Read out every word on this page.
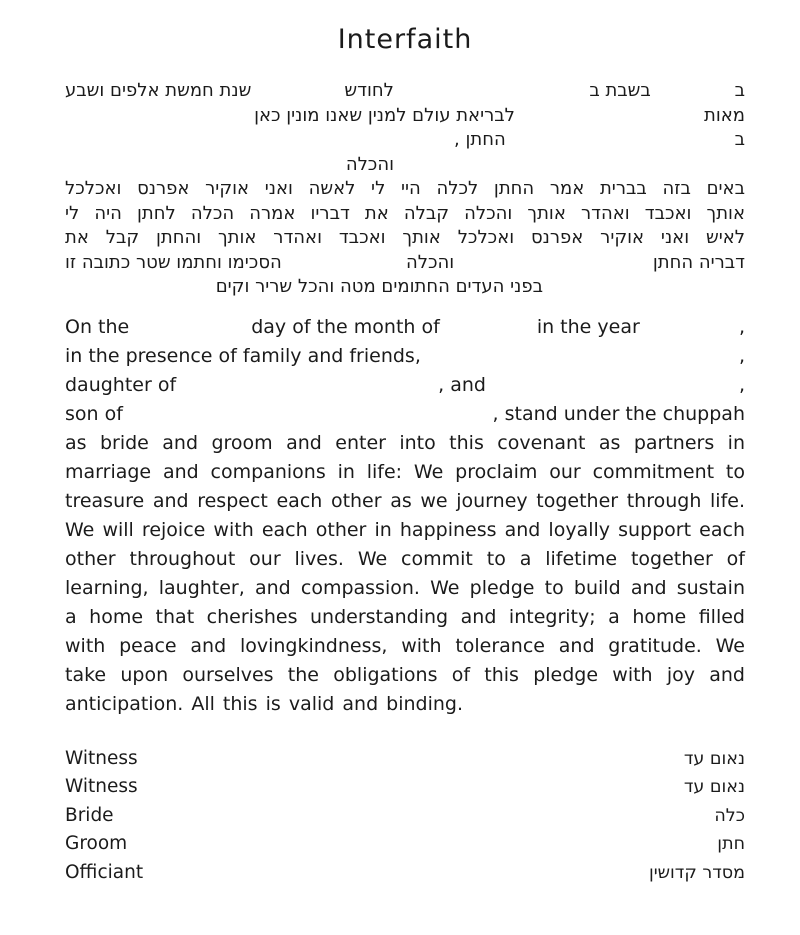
Interfaith
ב
בשבת ב
לחודש
שנת חמשת אלפים ושבע
מאות
לבריאת עולם למנין שאנו מונין כאן
ב
החתן ,
והכלה
באים בזה בברית אמר החתן לכלה היי לי לאשה ואני אוקיר אפרנס ואכלכל
אותך ואכבד ואהדר אותך והכלה קבלה את דבריו אמרה הכלה לחתן היה לי
לאיש ואני אוקיר אפרנס ואכלכל אותך ואכבד ואהדר אותך והחתן קבל את
דבריה החתן
והכלה
הסכימו וחתמו שטר כתובה זו
בפני העדים החתומים מטה והכל שריר וקים
On the	day of the month of	in the year	,
in the presence of family and friends,	,
daughter of	, and	,
son of	, stand under the chuppah
as bride and groom and enter into this covenant as partners in marriage and companions in life: We proclaim our commitment to treasure and respect each other as we journey together through life. We will rejoice with each other in happiness and loyally support each other throughout our lives. We commit to a lifetime together of learning, laughter, and compassion. We pledge to build and sustain a home that cherishes understanding and integrity; a home filled with peace and lovingkindness, with tolerance and gratitude. We take upon ourselves the obligations of this pledge with joy and anticipation. All this is valid and binding.
Witness	נאום עד
Witness	נאום עד
Bride	כלה
Groom	חתן
Officiant	מסדר קדושין
